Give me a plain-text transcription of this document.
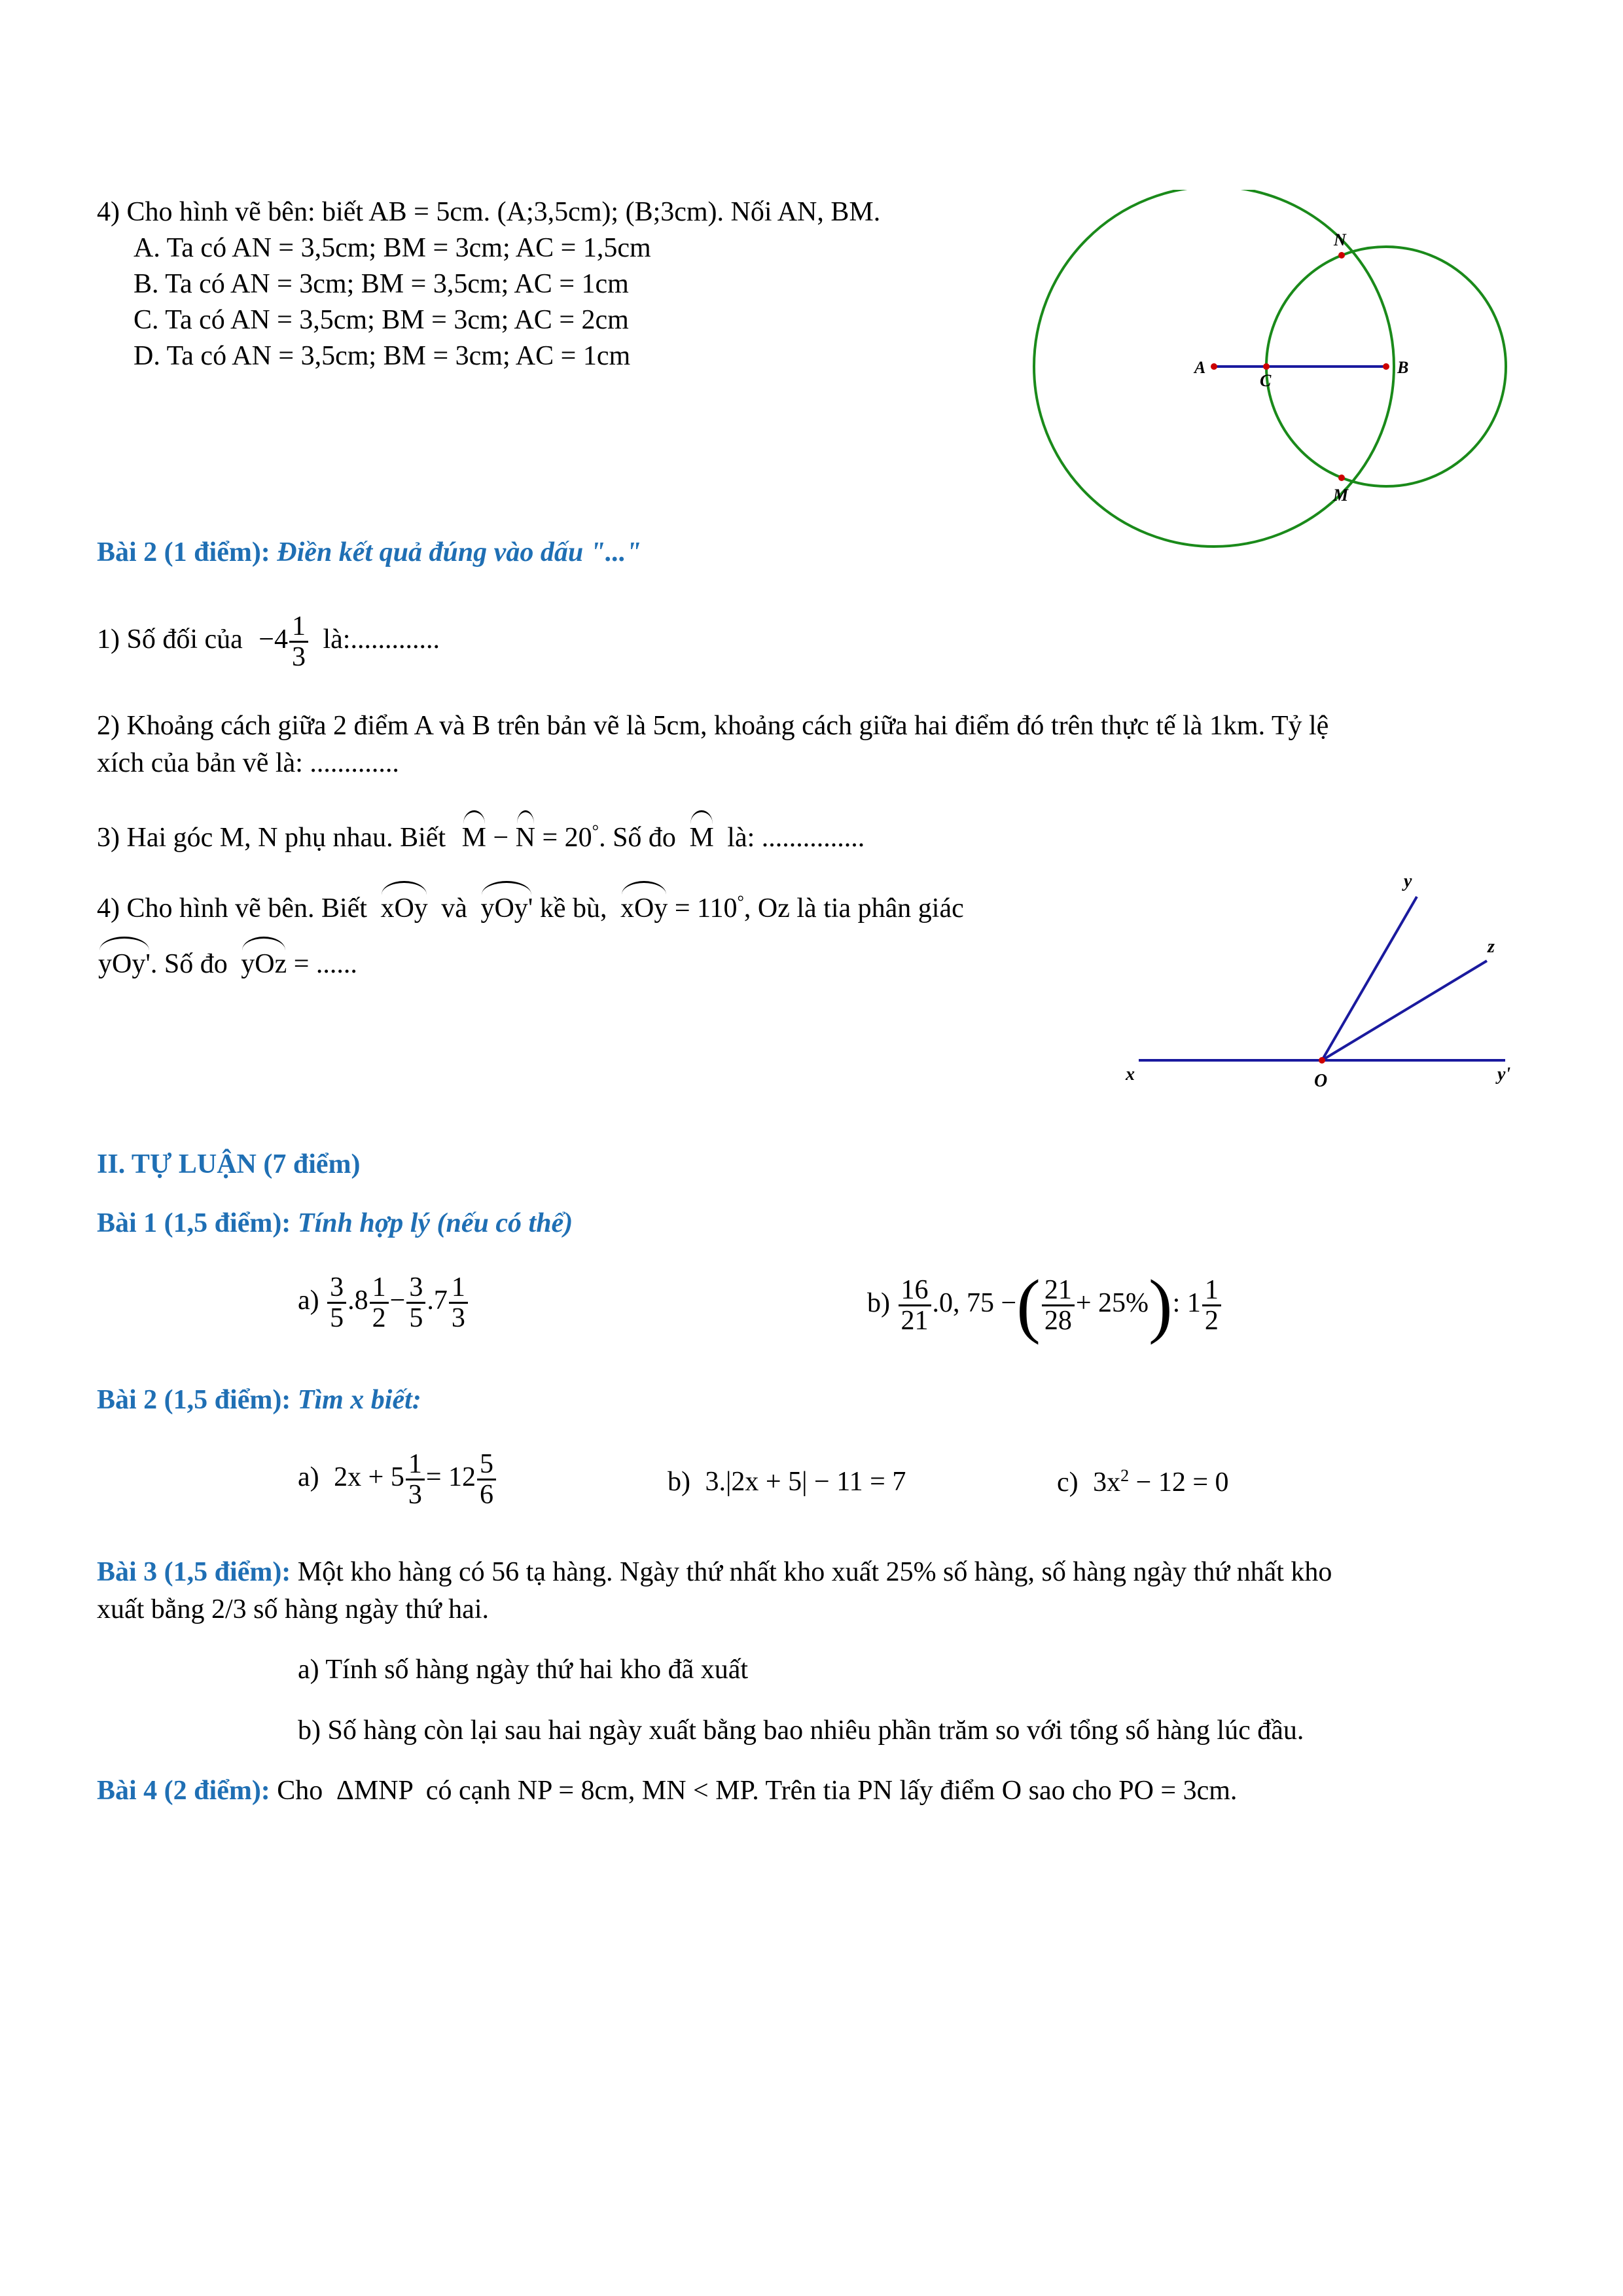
4) Cho hình vẽ bên: biết AB = 5cm. (A;3,5cm); (B;3cm). Nối AN, BM.
A. Ta có AN = 3,5cm; BM = 3cm; AC = 1,5cm
B. Ta có AN = 3cm; BM = 3,5cm; AC = 1cm
C. Ta có AN = 3,5cm; BM = 3cm; AC = 2cm
D. Ta có AN = 3,5cm; BM = 3cm; AC = 1cm	A	B
C
N
M
Bài 2 (1 điểm): Điền kết quả đúng vào dấu "..."
1) Số đối của $-4 \frac{1}{3}$ là:.............
2) Khoảng cách giữa 2 điểm A và B trên bản vẽ là 5cm, khoảng cách giữa hai điểm đó trên thực tế là 1km. Tỷ lệ
xích của bản vẽ là: .............
3) Hai góc M, N phụ nhau. Biết M − N = 20°. Số đo M là: ...............
4) Cho hình vẽ bên. Biết xOy và yOy' kề bù, xOy = 110°, Oz là tia phân giác
yOy'. Số đo yOz = ......
x	O	y'
y
z
II. TỰ LUẬN (7 điểm)
Bài 1 (1,5 điểm): Tính hợp lý (nếu có thể)
$a) \frac{3}{5} .8 \frac{1}{2} - \frac{3}{5} .7 \frac{1}{3}$	$b) \frac{16}{21} .0$, 75 −( $\frac{21}{28} + 25\%$): $1 \frac{1}{2}$
Bài 2 (1,5 điểm): Tìm x biết:
a) $2x + 5 \frac{1}{3} = 12 \frac{5}{6}$	b) 3.|2x + 5| − 11 = 7	c) $3x^2 - 12 = 0$
Bài 3 (1,5 điểm): Một kho hàng có 56 tạ hàng. Ngày thứ nhất kho xuất 25% số hàng, số hàng ngày thứ nhất kho
xuất bằng 2/3 số hàng ngày thứ hai.
a) Tính số hàng ngày thứ hai kho đã xuất
b) Số hàng còn lại sau hai ngày xuất bằng bao nhiêu phần trăm so với tổng số hàng lúc đầu.
Bài 4 (2 điểm): Cho ΔMNP có cạnh NP = 8cm, MN < MP. Trên tia PN lấy điểm O sao cho PO = 3cm.
